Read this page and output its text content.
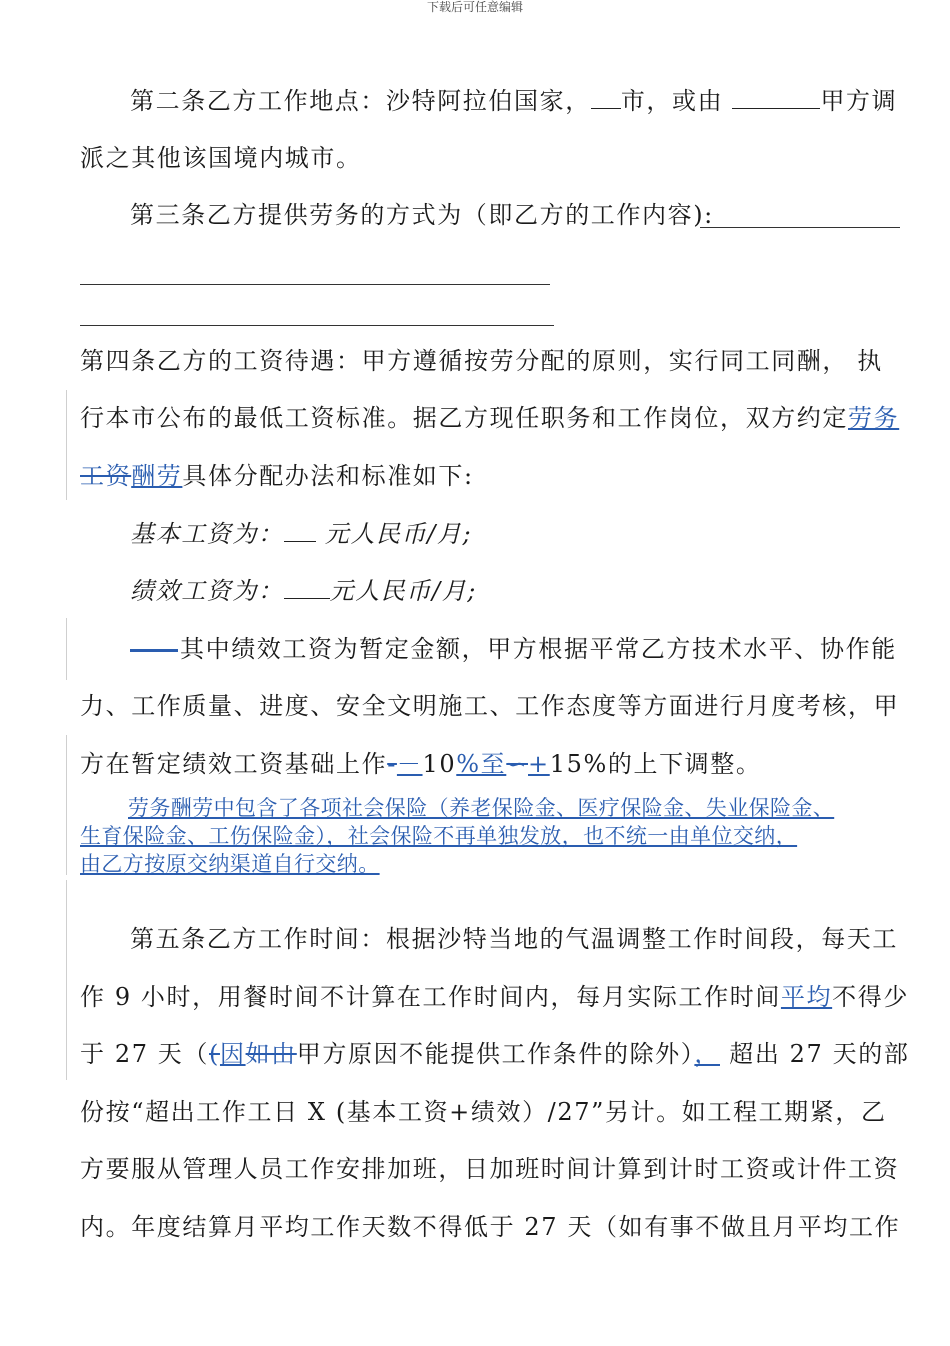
下载后可任意编辑
第二条乙方工作地点：沙特阿拉伯国家， 市，或由	甲方调
派之其他该国境内城市。
第三条乙方提供劳务的方式为（即乙方的工作内容):
第四条乙方的工资待遇：甲方遵循按劳分配的原则，实行同工同酬， 执
行本市公布的最低工资标准。据乙方现任职务和工作岗位，双方约定劳务
工资酬劳具体分配办法和标准如下:
基本工资为： 元人民币/月;
绩效工资为： 元人民币/月;
其中绩效工资为暂定金额，甲方根据平常乙方技术水平、协作能
力、工作质量、进度、安全文明施工、工作态度等方面进行月度考核，甲
方在暂定绩效工资基础上作-－10%至∽+15%的上下调整。
劳务酬劳中包含了各项社会保险（养老保险金、医疗保险金、失业保险金、
生育保险金、工伤保险金），社会保险不再单独发放，也不统一由单位交纳，
由乙方按原交纳渠道自行交纳。
第五条乙方工作时间：根据沙特当地的气温调整工作时间段，每天工
作 9 小时，用餐时间不计算在工作时间内，每月实际工作时间平均不得少
于 27 天（(因如由甲方原因不能提供工作条件的除外）， 超出 27 天的部
份按“超出工作工日 X (基本工资+绩效）/27”另计。如工程工期紧，乙
方要服从管理人员工作安排加班，日加班时间计算到计时工资或计件工资
内。年度结算月平均工作天数不得低于 27 天（如有事不做且月平均工作
